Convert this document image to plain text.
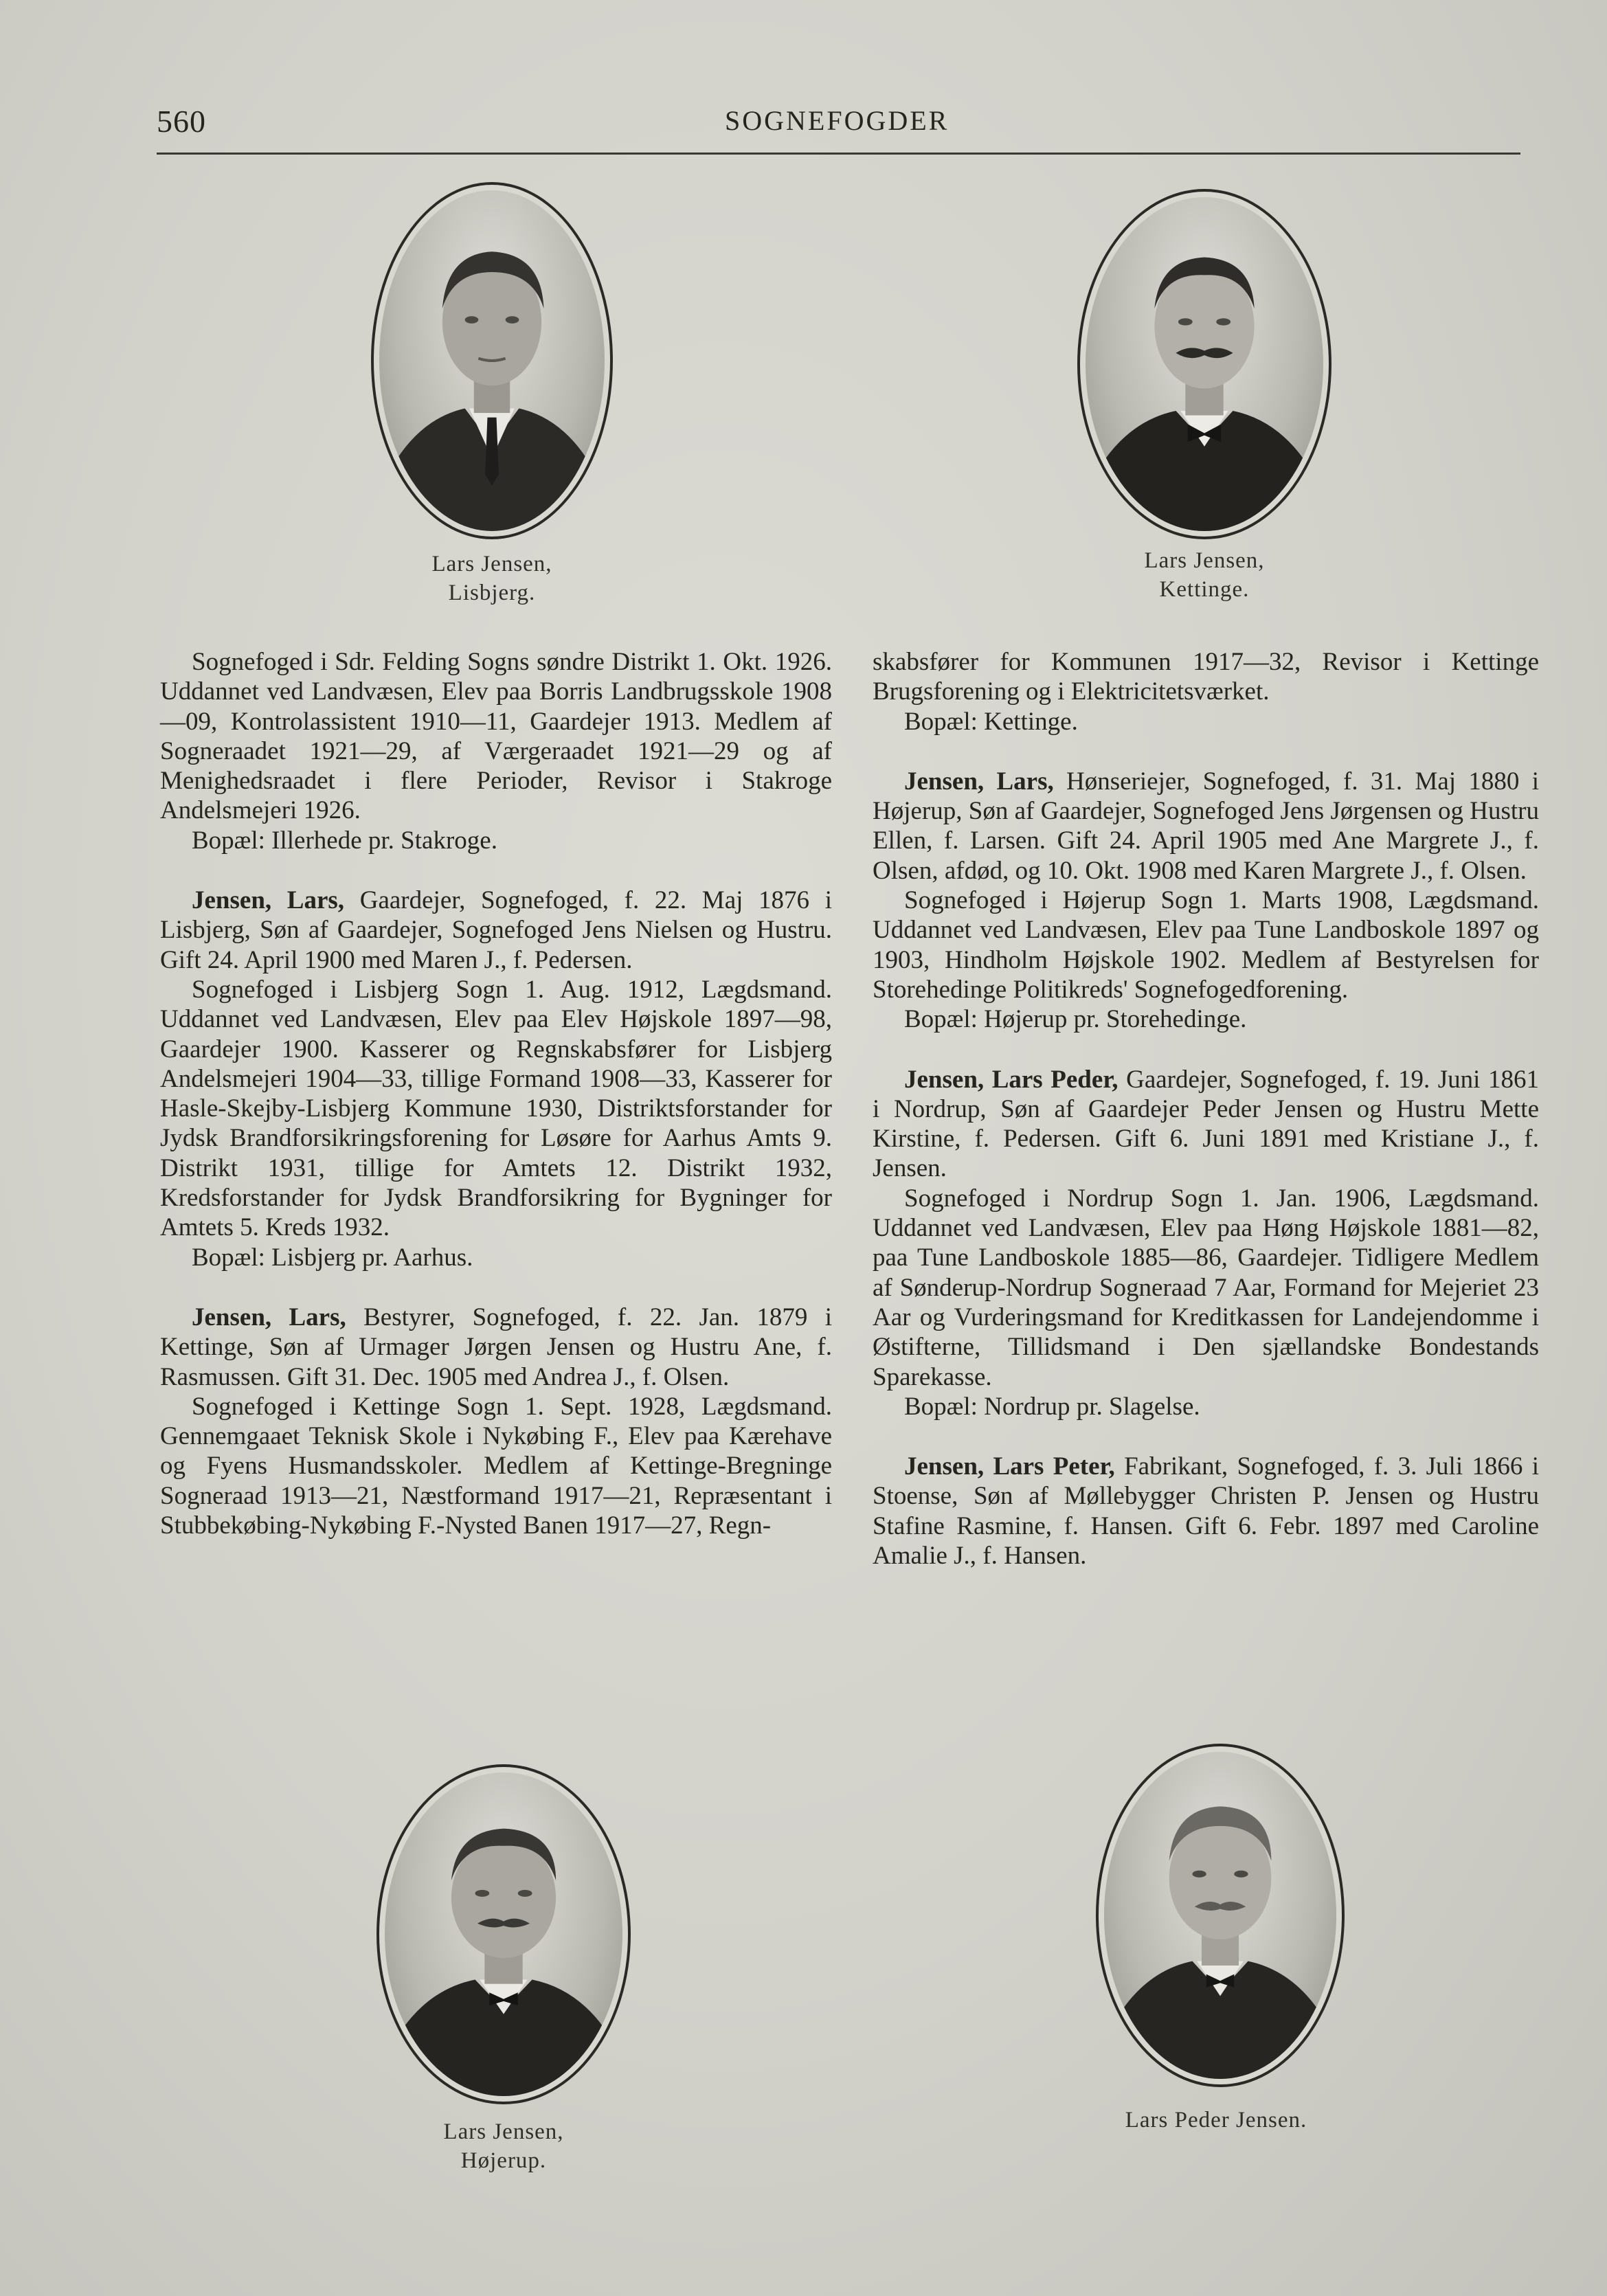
560	SOGNEFOGDER
Lars Jensen,
Lisbjerg.
Lars Jensen,
Kettinge.

Sognefoged i Sdr. Felding Sogns søndre Distrikt 1. Okt. 1926. Uddannet ved Landvæsen, Elev paa Borris Landbrugsskole 1908—09, Kontrolassistent 1910—11, Gaardejer 1913. Medlem af Sogneraadet 1921—29, af Værgeraadet 1921—29 og af Menighedsraadet i flere Perioder, Revisor i Stakroge Andelsmejeri 1926.

Bopæl: Illerhede pr. Stakroge.

Jensen, Lars, Gaardejer, Sognefoged, f. 22. Maj 1876 i Lisbjerg, Søn af Gaardejer, Sognefoged Jens Nielsen og Hustru. Gift 24. April 1900 med Maren J., f. Pedersen.

Sognefoged i Lisbjerg Sogn 1. Aug. 1912, Lægdsmand. Uddannet ved Landvæsen, Elev paa Elev Højskole 1897—98, Gaardejer 1900. Kasserer og Regnskabsfører for Lisbjerg Andelsmejeri 1904—33, tillige Formand 1908—33, Kasserer for Hasle-Skejby-Lisbjerg Kommune 1930, Distriktsforstander for Jydsk Brandforsikringsforening for Løsøre for Aarhus Amts 9. Distrikt 1931, tillige for Amtets 12. Distrikt 1932, Kredsforstander for Jydsk Brandforsikring for Bygninger for Amtets 5. Kreds 1932.

Bopæl: Lisbjerg pr. Aarhus.

Jensen, Lars, Bestyrer, Sognefoged, f. 22. Jan. 1879 i Kettinge, Søn af Urmager Jørgen Jensen og Hustru Ane, f. Rasmussen. Gift 31. Dec. 1905 med Andrea J., f. Olsen.

Sognefoged i Kettinge Sogn 1. Sept. 1928, Lægdsmand. Gennemgaaet Teknisk Skole i Nykøbing F., Elev paa Kærehave og Fyens Husmandsskoler. Medlem af Kettinge-Bregninge Sogneraad 1913—21, Næstformand 1917—21, Repræsentant i Stubbekøbing-Nykøbing F.-Nysted Banen 1917—27, Regn-

skabsfører for Kommunen 1917—32, Revisor i Kettinge Brugsforening og i Elektricitetsværket.

Bopæl: Kettinge.

Jensen, Lars, Hønseriejer, Sognefoged, f. 31. Maj 1880 i Højerup, Søn af Gaardejer, Sognefoged Jens Jørgensen og Hustru Ellen, f. Larsen. Gift 24. April 1905 med Ane Margrete J., f. Olsen, afdød, og 10. Okt. 1908 med Karen Margrete J., f. Olsen.

Sognefoged i Højerup Sogn 1. Marts 1908, Lægdsmand. Uddannet ved Landvæsen, Elev paa Tune Landboskole 1897 og 1903, Hindholm Højskole 1902. Medlem af Bestyrelsen for Storehedinge Politikreds' Sognefogedforening.

Bopæl: Højerup pr. Storehedinge.

Jensen, Lars Peder, Gaardejer, Sognefoged, f. 19. Juni 1861 i Nordrup, Søn af Gaardejer Peder Jensen og Hustru Mette Kirstine, f. Pedersen. Gift 6. Juni 1891 med Kristiane J., f. Jensen.

Sognefoged i Nordrup Sogn 1. Jan. 1906, Lægdsmand. Uddannet ved Landvæsen, Elev paa Høng Højskole 1881—82, paa Tune Landboskole 1885—86, Gaardejer. Tidligere Medlem af Sønderup-Nordrup Sogneraad 7 Aar, Formand for Mejeriet 23 Aar og Vurderingsmand for Kreditkassen for Landejendomme i Østifterne, Tillidsmand i Den sjællandske Bondestands Sparekasse.

Bopæl: Nordrup pr. Slagelse.

Jensen, Lars Peter, Fabrikant, Sognefoged, f. 3. Juli 1866 i Stoense, Søn af Møllebygger Christen P. Jensen og Hustru Stafine Rasmine, f. Hansen. Gift 6. Febr. 1897 med Caroline Amalie J., f. Hansen.

Lars Jensen,
Højerup.
Lars Peder Jensen.
